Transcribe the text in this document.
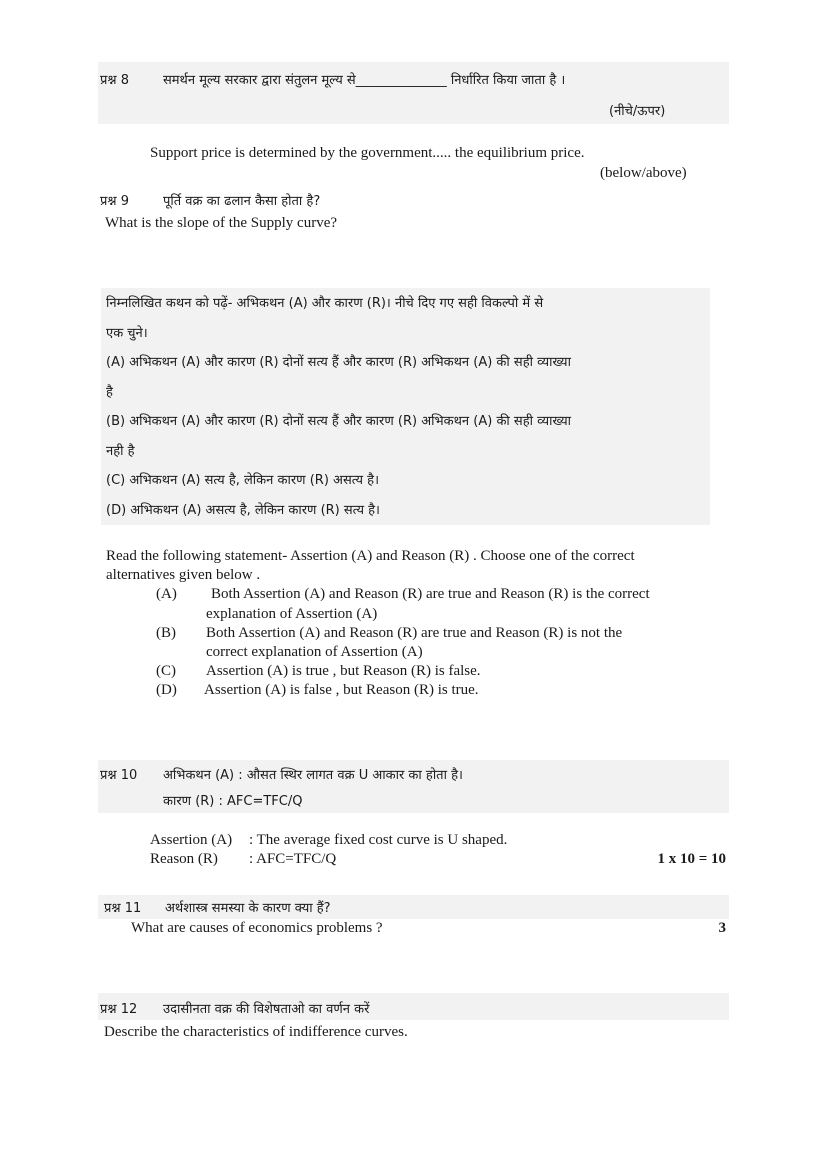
प्रश्न 8	समर्थन मूल्य सरकार द्वारा संतुलन मूल्य से______________ निर्धारित किया जाता है ।
(नीचे/ऊपर)
Support price is determined by the government..... the equilibrium price.
(below/above)
प्रश्न 9	पूर्ति वक्र का ढलान कैसा होता है?
What is the slope of the Supply curve?
निम्नलिखित कथन को पढ़ें- अभिकथन (A) और कारण (R)। नीचे दिए गए सही विकल्पो में से
एक चुने।
(A) अभिकथन (A) और कारण (R) दोनों सत्य हैं और कारण (R) अभिकथन (A) की सही व्याख्या
है
(B) अभिकथन (A) और कारण (R) दोनों सत्य हैं और कारण (R) अभिकथन (A) की सही व्याख्या
नही है
(C) अभिकथन (A) सत्य है, लेकिन कारण (R) असत्य है।
(D) अभिकथन (A) असत्य है, लेकिन कारण (R) सत्य है।
Read the following statement- Assertion (A) and Reason (R) . Choose one of the correct
alternatives given below .
(A) Both Assertion (A) and Reason (R) are true and Reason (R) is the correct
explanation of Assertion (A)
(B) Both Assertion (A) and Reason (R) are true and Reason (R) is not the
correct explanation of Assertion (A)
(C) Assertion (A) is true , but Reason (R) is false.
(D) Assertion (A) is false , but Reason (R) is true.
प्रश्न 10 अभिकथन (A) : औसत स्थिर लागत वक्र U आकार का होता है।
कारण (R) : AFC=TFC/Q
Assertion (A) : The average fixed cost curve is U shaped.
Reason (R) : AFC=TFC/Q	1 x 10 = 10
प्रश्न 11 अर्थशास्त्र समस्या के कारण क्या हैं?
What are causes of economics problems ?	3
प्रश्न 12 उदासीनता वक्र की विशेषताओ का वर्णन करें
Describe the characteristics of indifference curves.
